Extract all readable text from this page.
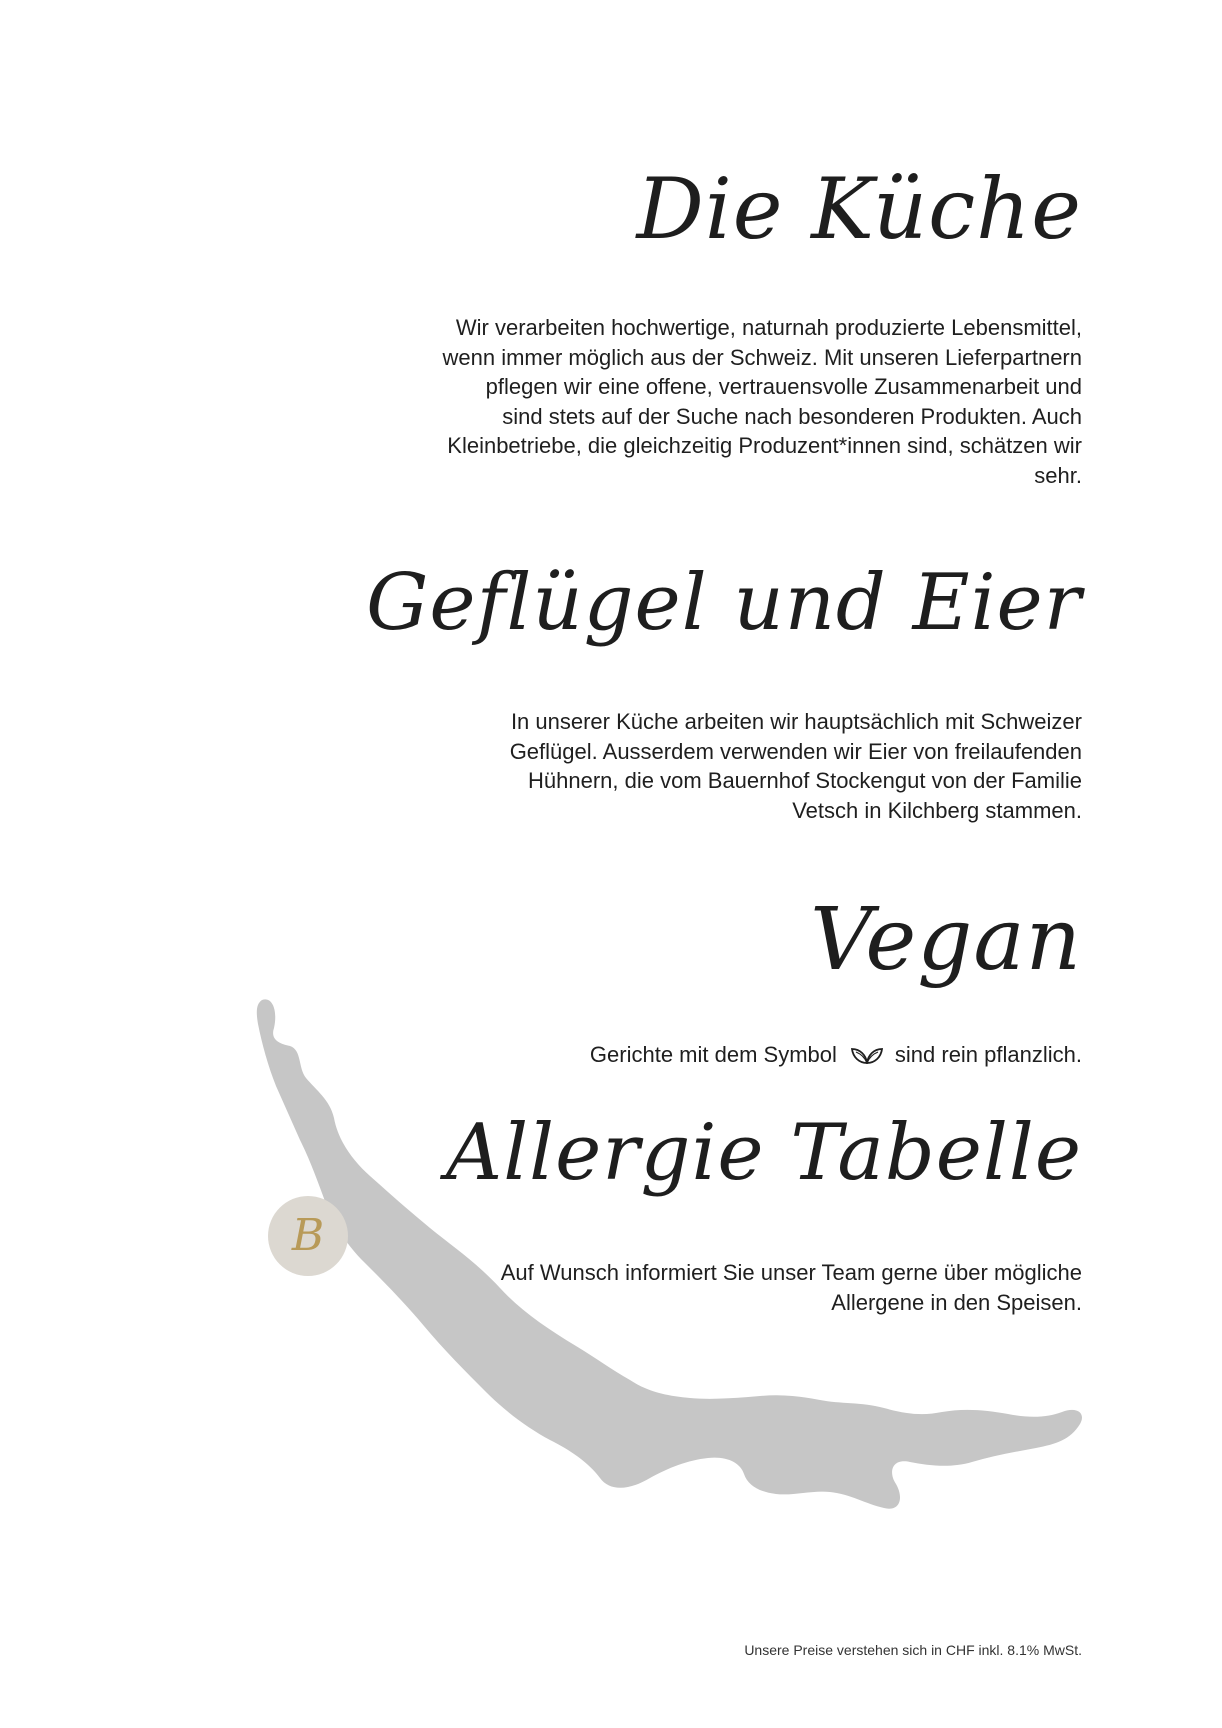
Die Küche
Wir verarbeiten hochwertige, naturnah produzierte Lebensmittel, wenn immer möglich aus der Schweiz. Mit unseren Lieferpartnern pflegen wir eine offene, vertrauensvolle Zusammenarbeit und sind stets auf der Suche nach besonderen Produkten. Auch Kleinbetriebe, die gleichzeitig Produzent*innen sind, schätzen wir sehr.
Geflügel und Eier
In unserer Küche arbeiten wir hauptsächlich mit Schweizer Geflügel. Ausserdem verwenden wir Eier von freilaufenden Hühnern, die vom Bauernhof Stockengut von der Familie Vetsch in Kilchberg stammen.
Vegan
Gerichte mit dem Symbol	sind rein pflanzlich.
Allergie Tabelle
Auf Wunsch informiert Sie unser Team gerne über mögliche Allergene in den Speisen.
B
Unsere Preise verstehen sich in CHF inkl. 8.1% MwSt.
